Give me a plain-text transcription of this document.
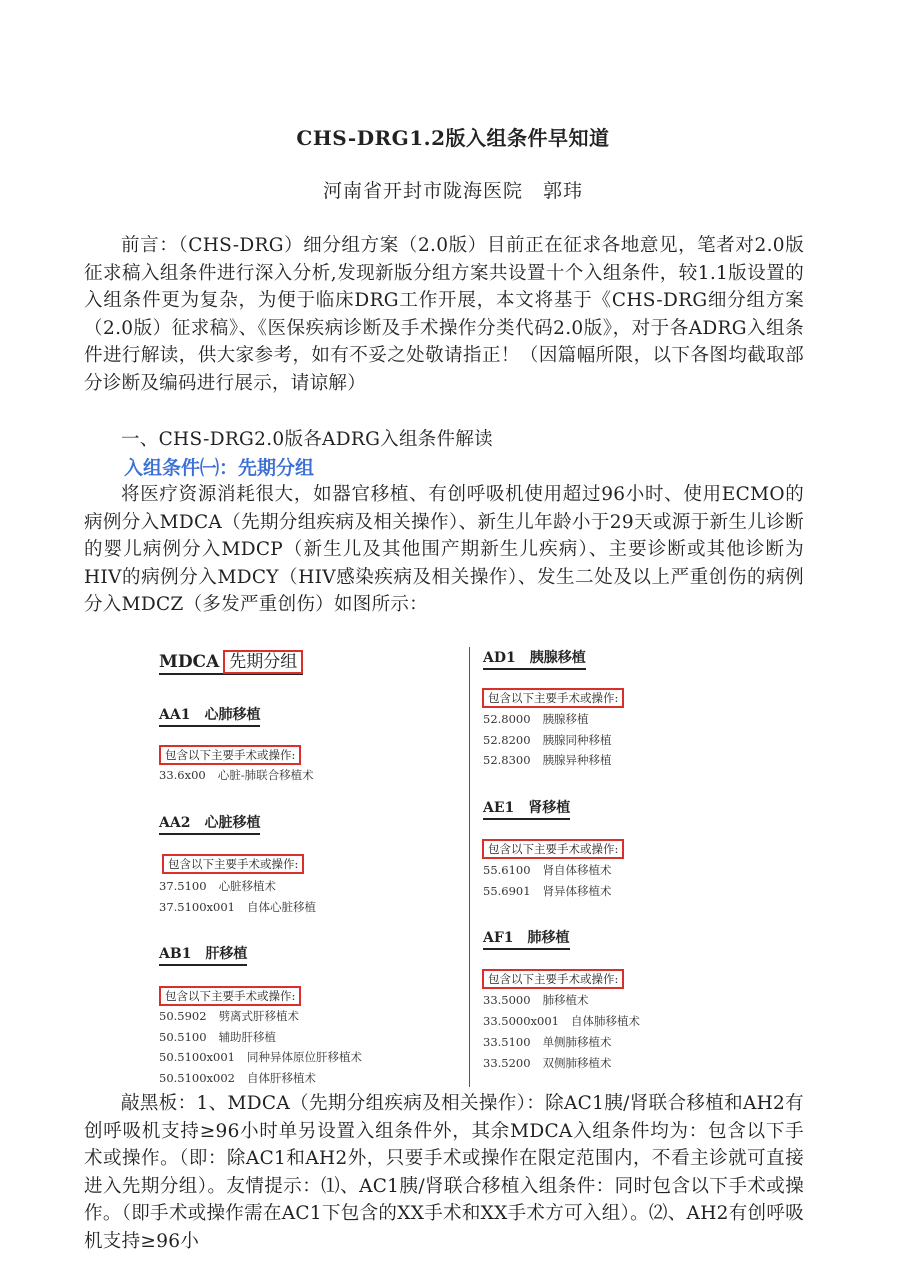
CHS-DRG1.2版入组条件早知道
河南省开封市陇海医院　郭玮
前言：（CHS-DRG）细分组方案（2.0版）目前正在征求各地意见，笔者对2.0版征求稿入组条件进行深入分析,发现新版分组方案共设置十个入组条件，较1.1版设置的入组条件更为复杂，为便于临床DRG工作开展，本文将基于《CHS-DRG细分组方案（2.0版）征求稿》、《医保疾病诊断及手术操作分类代码2.0版》，对于各ADRG入组条件进行解读，供大家参考，如有不妥之处敬请指正！（因篇幅所限，以下各图均截取部分诊断及编码进行展示，请谅解）
一、CHS-DRG2.0版各ADRG入组条件解读
入组条件㈠：先期分组
将医疗资源消耗很大，如器官移植、有创呼吸机使用超过96小时、使用ECMO的病例分入MDCA（先期分组疾病及相关操作）、新生儿年龄小于29天或源于新生儿诊断的婴儿病例分入MDCP（新生儿及其他围产期新生儿疾病）、主要诊断或其他诊断为HIV的病例分入MDCY（HIV感染疾病及相关操作）、发生二处及以上严重创伤的病例分入MDCZ（多发严重创伤）如图所示：
MDCA 先期分组
AA1 心肺移植
包含以下主要手术或操作:
33.6x00 心脏-肺联合移植术
AA2 心脏移植
包含以下主要手术或操作:
37.5100 心脏移植术
37.5100x001 自体心脏移植
AB1 肝移植
包含以下主要手术或操作:
50.5902 劈离式肝移植术
50.5100 辅助肝移植
50.5100x001 同种异体原位肝移植术
50.5100x002 自体肝移植术
AD1 胰腺移植
包含以下主要手术或操作:
52.8000 胰腺移植
52.8200 胰腺同种移植
52.8300 胰腺异种移植
AE1 肾移植
包含以下主要手术或操作:
55.6100 肾自体移植术
55.6901 肾异体移植术
AF1 肺移植
包含以下主要手术或操作:
33.5000 肺移植术
33.5000x001 自体肺移植术
33.5100 单侧肺移植术
33.5200 双侧肺移植术
敲黑板：1、MDCA（先期分组疾病及相关操作）：除AC1胰/肾联合移植和AH2有创呼吸机支持≥96小时单另设置入组条件外，其余MDCA入组条件均为：包含以下手术或操作。（即：除AC1和AH2外，只要手术或操作在限定范围内，不看主诊就可直接进入先期分组）。友情提示：⑴、AC1胰/肾联合移植入组条件：同时包含以下手术或操作。（即手术或操作需在AC1下包含的XX手术和XX手术方可入组）。⑵、AH2有创呼吸机支持≥96小
